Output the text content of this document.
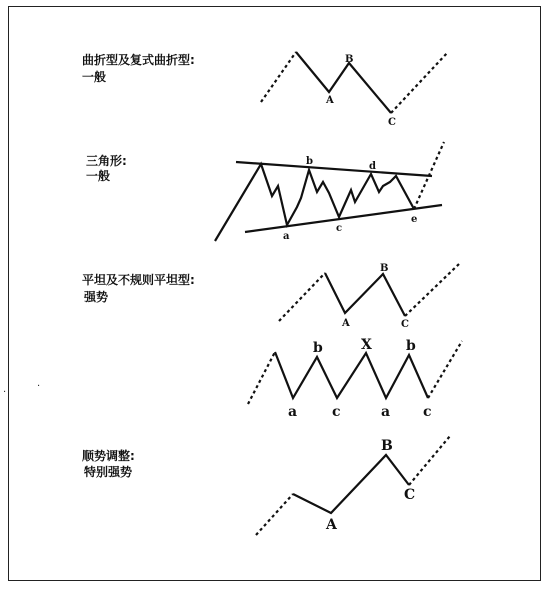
曲折型及复式曲折型:
一般
三角形:
一般
平坦及不规则平坦型:
强势
顺势调整:
特别强势
.
.
A
B
C
a
b
c
d
e
A
B
C
a
b
c
X
a
b
c
A
B
C
